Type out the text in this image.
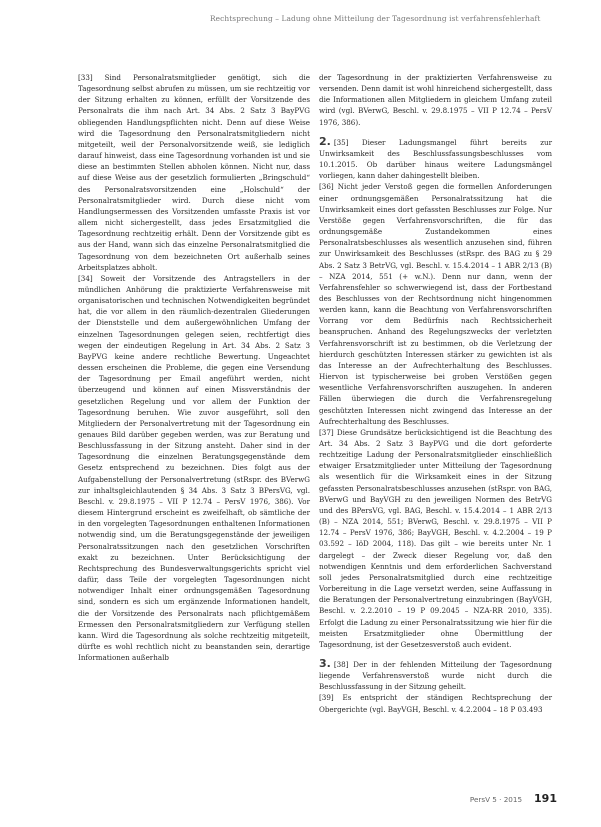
Rechtsprechung – Ladung ohne Mitteilung der Tagesordnung ist verfahrensfehlerhaft

[33] Sind Personalratsmitglieder genötigt, sich die Tagesordnung selbst abrufen zu müssen, um sie rechtzeitig vor der Sitzung erhalten zu können, erfüllt der Vorsitzende des Personalrats die ihm nach Art. 34 Abs. 2 Satz 3 BayPVG obliegenden Handlungspflichten nicht. Denn auf diese Weise wird die Tagesordnung den Personalratsmitgliedern nicht mitgeteilt, weil der Personalvorsitzende weiß, sie lediglich darauf hinweist, dass eine Tagesordnung vorhanden ist und sie diese an bestimmten Stellen abholen können. Nicht nur, dass auf diese Weise aus der gesetzlich formulierten „Bringschuld“ des Personalratsvorsitzenden eine „Holschuld“ der Personalratsmitglieder wird. Durch diese nicht vom Handlungsermessen des Vorsitzenden umfasste Praxis ist vor allem nicht sichergestellt, dass jedes Ersatzmitglied die Tagesordnung rechtzeitig erhält. Denn der Vorsitzende gibt es aus der Hand, wann sich das einzelne Personalratsmitglied die Tagesordnung von dem bezeichneten Ort außerhalb seines Arbeitsplatzes abholt.

[34] Soweit der Vorsitzende des Antragstellers in der mündlichen Anhörung die praktizierte Verfahrensweise mit organisatorischen und technischen Notwendigkeiten begründet hat, die vor allem in den räumlich-dezentralen Gliederungen der Dienststelle und dem außergewöhnlichen Umfang der einzelnen Tagesordnungen gelegen seien, rechtfertigt dies wegen der eindeutigen Regelung in Art. 34 Abs. 2 Satz 3 BayPVG keine andere rechtliche Bewertung. Ungeachtet dessen erscheinen die Probleme, die gegen eine Versendung der Tagesordnung per Email angeführt werden, nicht überzeugend und können auf einen Missverständnis der gesetzlichen Regelung und vor allem der Funktion der Tagesordnung beruhen. Wie zuvor ausgeführt, soll den Mitgliedern der Personalvertretung mit der Tagesordnung ein genaues Bild darüber gegeben werden, was zur Beratung und Beschlussfassung in der Sitzung ansteht. Daher sind in der Tagesordnung die einzelnen Beratungsgegenstände dem Gesetz entsprechend zu bezeichnen. Dies folgt aus der Aufgabenstellung der Personalvertretung (stRspr. des BVerwG zur inhaltsgleichlautenden § 34 Abs. 3 Satz 3 BPersVG, vgl. Beschl. v. 29.8.1975 – VII P 12.74 – PersV 1976, 386). Vor diesem Hintergrund erscheint es zweifelhaft, ob sämtliche der in den vorgelegten Tagesordnungen enthaltenen Informationen notwendig sind, um die Beratungsgegenstände der jeweiligen Personalratssitzungen nach den gesetzlichen Vorschriften exakt zu bezeichnen. Unter Berücksichtigung der Rechtsprechung des Bundesverwaltungsgerichts spricht viel dafür, dass Teile der vorgelegten Tagesordnungen nicht notwendiger Inhalt einer ordnungsgemäßen Tagesordnung sind, sondern es sich um ergänzende Informationen handelt, die der Vorsitzende des Personalrats nach pflichtgemäßem Ermessen den Personalratsmitgliedern zur Verfügung stellen kann. Wird die Tagesordnung als solche rechtzeitig mitgeteilt, dürfte es wohl rechtlich nicht zu beanstanden sein, derartige Informationen außerhalb

der Tagesordnung in der praktizierten Verfahrensweise zu versenden. Denn damit ist wohl hinreichend sichergestellt, dass die Informationen allen Mitgliedern in gleichem Umfang zuteil wird (vgl. BVerwG, Beschl. v. 29.8.1975 – VII P 12.74 – PersV 1976, 386).

2. [35] Dieser Ladungsmangel führt bereits zur Unwirksamkeit des Beschlussfassungsbeschlusses vom 10.1.2015. Ob darüber hinaus weitere Ladungsmängel vorliegen, kann daher dahingestellt bleiben.

[36] Nicht jeder Verstoß gegen die formellen Anforderungen einer ordnungsgemäßen Personalratssitzung hat die Unwirksamkeit eines dort gefassten Beschlusses zur Folge. Nur Verstöße gegen Verfahrensvorschriften, die für das ordnungsgemäße Zustandekommen eines Personalratsbeschlusses als wesentlich anzusehen sind, führen zur Unwirksamkeit des Beschlusses (stRspr. des BAG zu § 29 Abs. 2 Satz 3 BetrVG, vgl. Beschl. v. 15.4.2014 – 1 ABR 2/13 (B) – NZA 2014, 551 (+ w.N.). Denn nur dann, wenn der Verfahrensfehler so schwerwiegend ist, dass der Fortbestand des Beschlusses von der Rechtsordnung nicht hingenommen werden kann, kann die Beachtung von Verfahrensvorschriften Vorrang vor dem Bedürfnis nach Rechtssicherheit beanspruchen. Anhand des Regelungszwecks der verletzten Verfahrensvorschrift ist zu bestimmen, ob die Verletzung der hierdurch geschützten Interessen stärker zu gewichten ist als das Interesse an der Aufrechterhaltung des Beschlusses. Hiervon ist typischerweise bei groben Verstößen gegen wesentliche Verfahrensvorschriften auszugehen. In anderen Fällen überwiegen die durch die Verfahrensregelung geschützten Interessen nicht zwingend das Interesse an der Aufrechterhaltung des Beschlusses.

[37] Diese Grundsätze berücksichtigend ist die Beachtung des Art. 34 Abs. 2 Satz 3 BayPVG und die dort geforderte rechtzeitige Ladung der Personalratsmitglieder einschließlich etwaiger Ersatzmitglieder unter Mitteilung der Tagesordnung als wesentlich für die Wirksamkeit eines in der Sitzung gefassten Personalratsbeschlusses anzusehen (stRspr. von BAG, BVerwG und BayVGH zu den jeweiligen Normen des BetrVG und des BPersVG, vgl. BAG, Beschl. v. 15.4.2014 – 1 ABR 2/13 (B) – NZA 2014, 551; BVerwG, Beschl. v. 29.8.1975 – VII P 12.74 – PersV 1976, 386; BayVGH, Beschl. v. 4.2.2004 – 19 P 03.592 – IöD 2004, 118). Das gilt – wie bereits unter Nr. 1 dargelegt – der Zweck dieser Regelung vor, daß den notwendigen Kenntnis und dem erforderlichen Sachverstand soll jedes Personalratsmitglied durch eine rechtzeitige Vorbereitung in die Lage versetzt werden, seine Auffassung in die Beratungen der Personalvertretung einzubringen (BayVGH, Beschl. v. 2.2.2010 – 19 P 09.2045 – NZA-RR 2010, 335). Erfolgt die Ladung zu einer Personalratssitzung wie hier für die meisten Ersatzmitglieder ohne Übermittlung der Tagesordnung, ist der Gesetzesverstoß auch evident.

3. [38] Der in der fehlenden Mitteilung der Tagesordnung liegende Verfahrensverstoß wurde nicht durch die Beschlussfassung in der Sitzung geheilt.

[39] Es entspricht der ständigen Rechtsprechung der Obergerichte (vgl. BayVGH, Beschl. v. 4.2.2004 – 18 P 03.493

PersV 5 · 2015 191
